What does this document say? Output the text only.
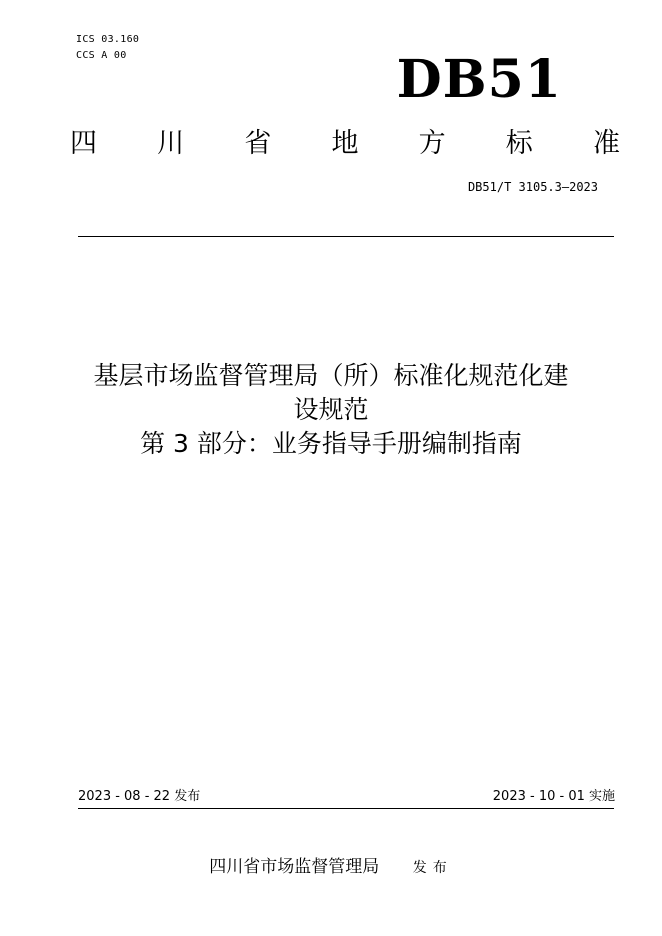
ICS 03.160
CCS A 00	DB51
四 川 省 地 方 标 准
DB51/T 3105.3—2023
基层市场监督管理局（所）标准化规范化建
设规范
第 3 部分：业务指导手册编制指南
2023 - 08 - 22 发布	2023 - 10 - 01 实施
四川省市场监督管理局 发布
